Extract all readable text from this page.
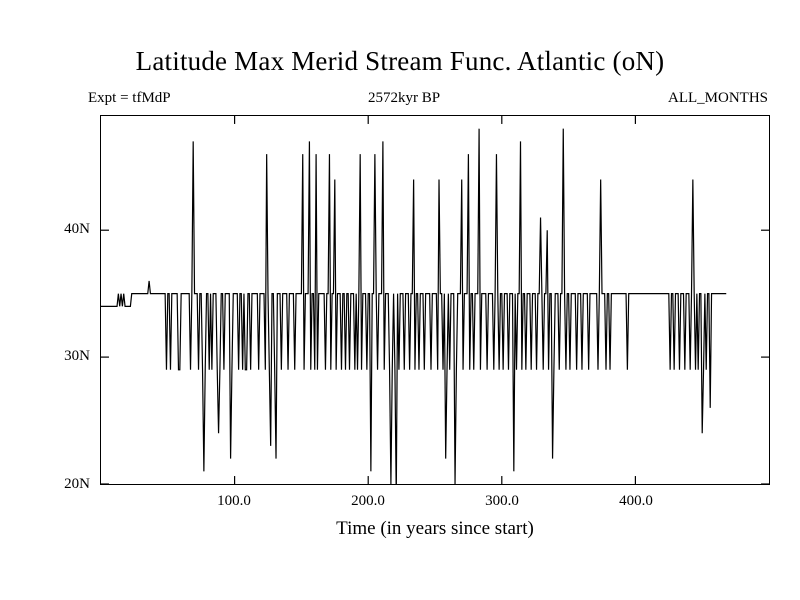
Latitude Max Merid Stream Func. Atlantic (oN)
Expt = tfMdP	2572kyr BP	ALL_MONTHS
20N
30N
40N
100.0	200.0	300.0	400.0
Time (in years since start)
